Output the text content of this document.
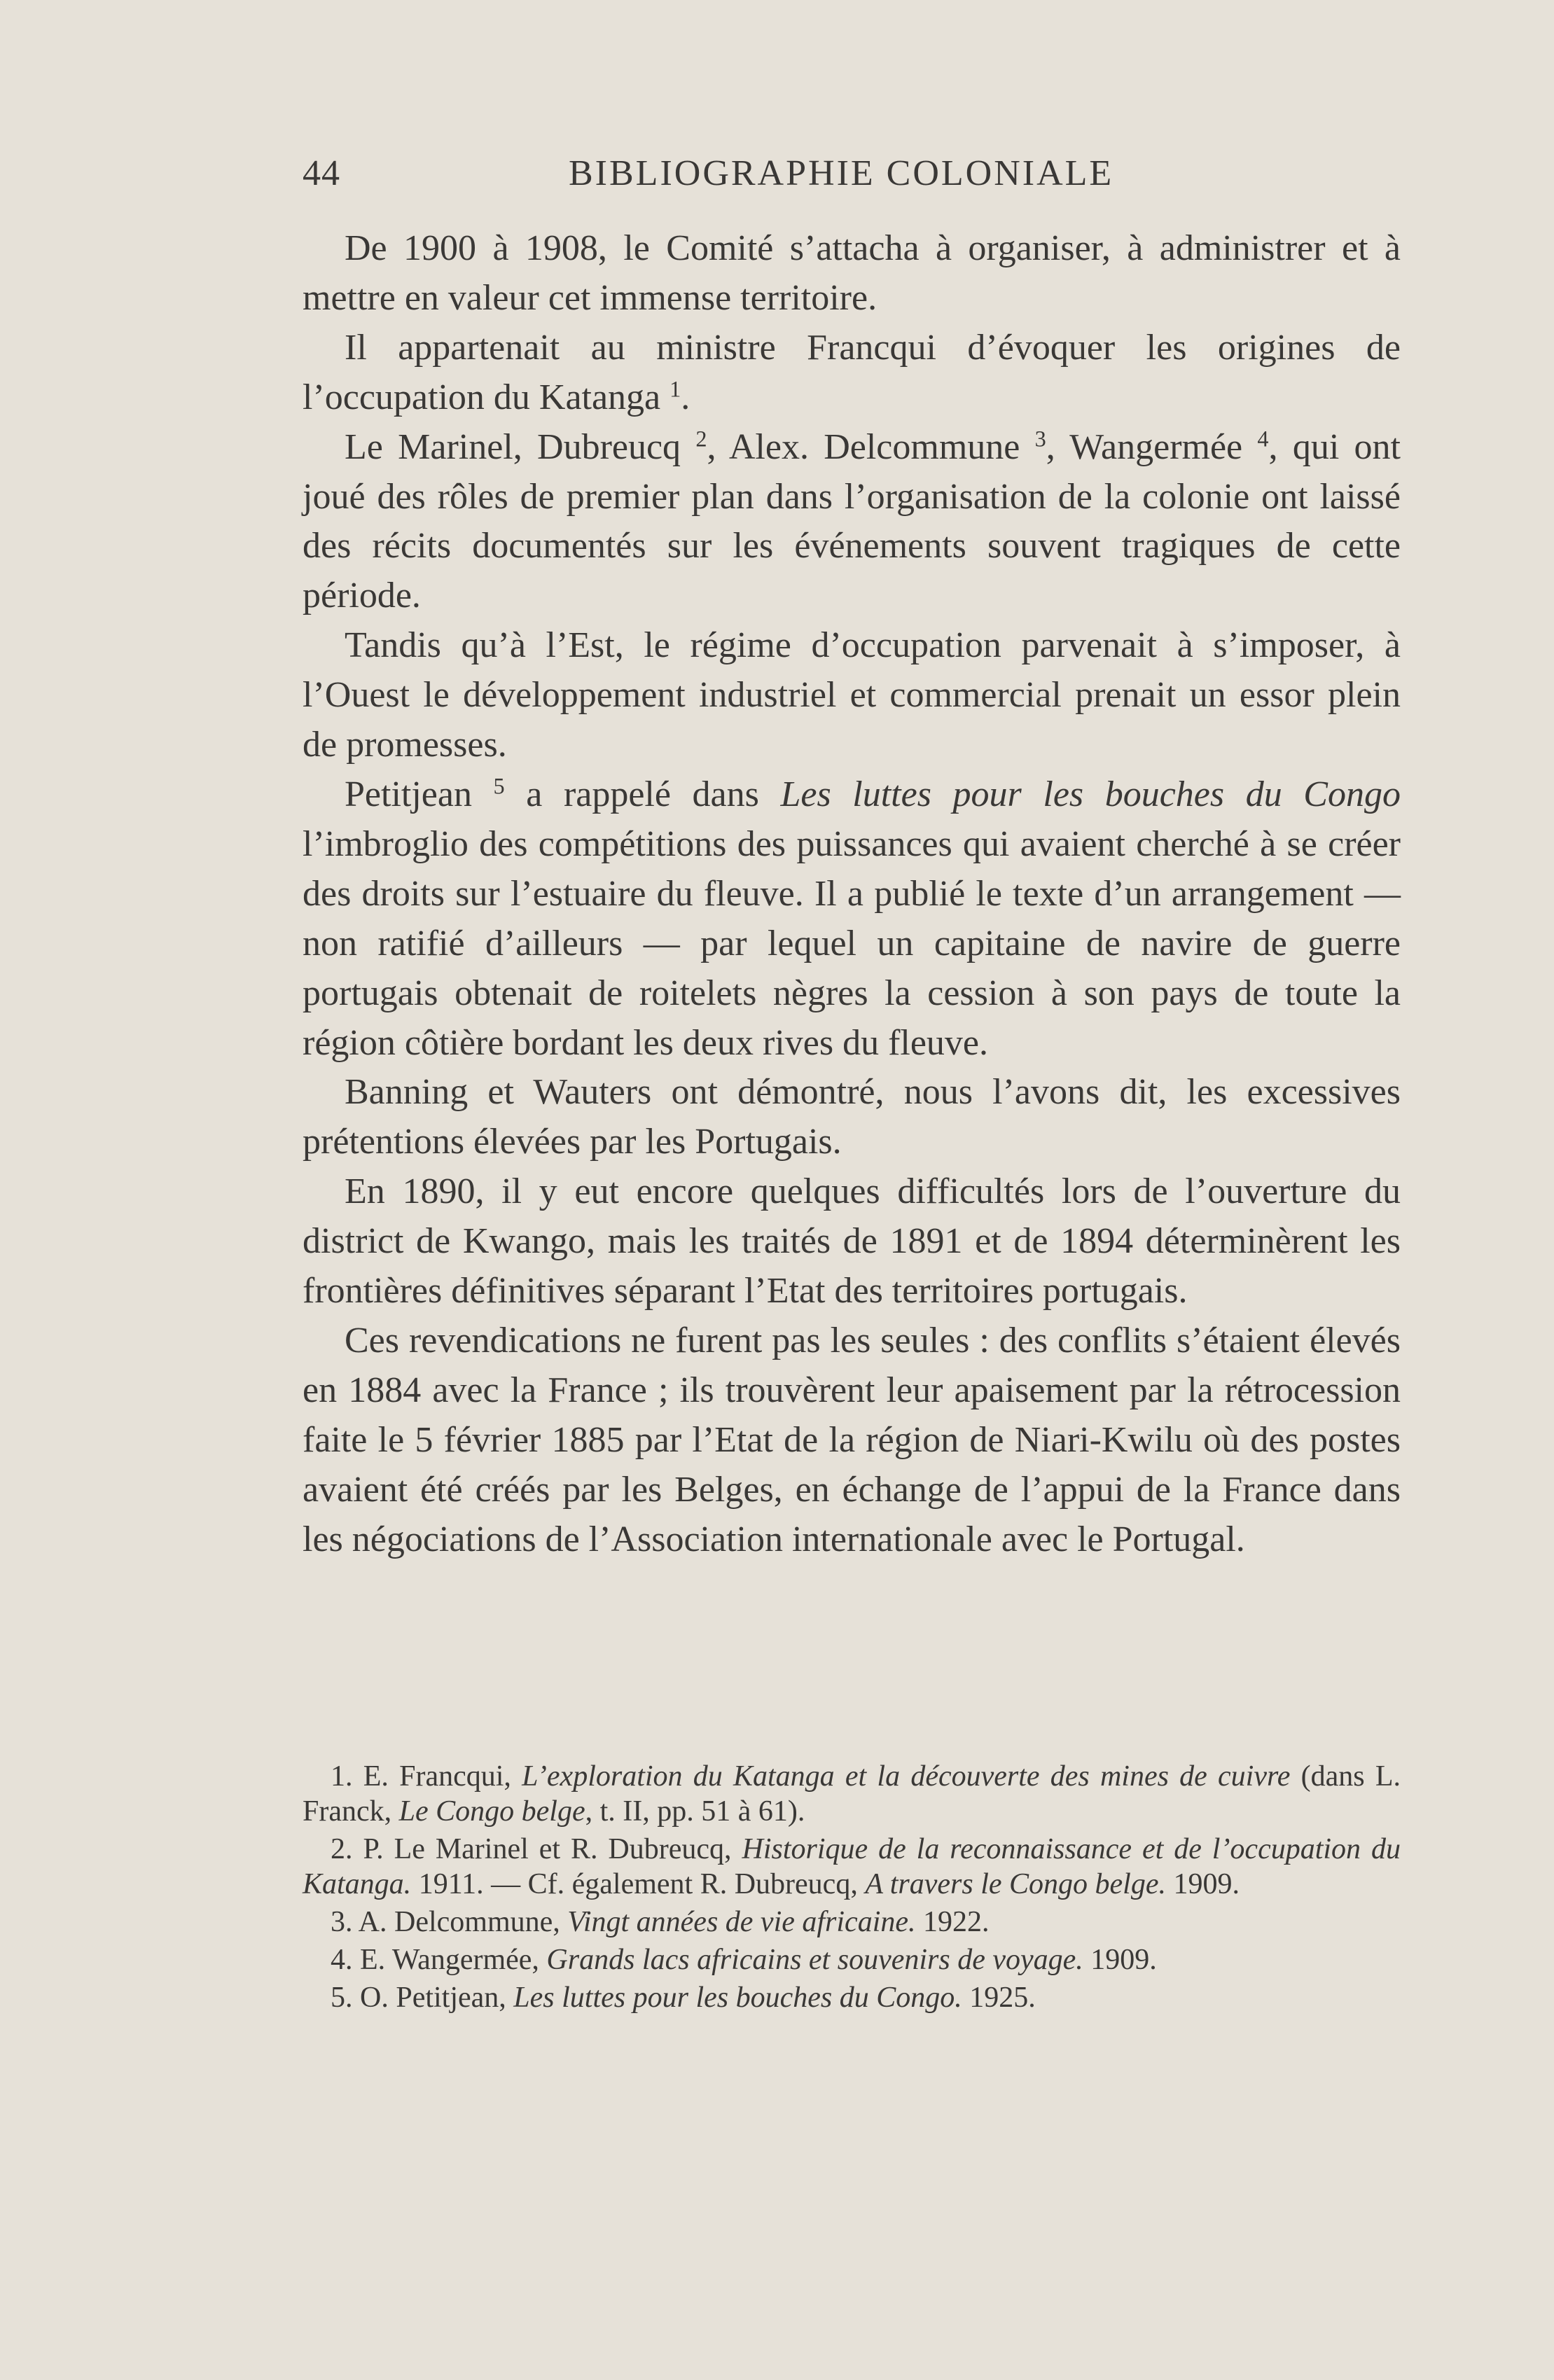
44	BIBLIOGRAPHIE COLONIALE

De 1900 à 1908, le Comité s’attacha à organiser, à administrer et à mettre en valeur cet immense territoire.

Il appartenait au ministre Francqui d’évoquer les origines de l’occupation du Katanga $^1$.

Le Marinel, Dubreucq $^2$, Alex. Delcommune $^3$, Wangermée $^4$, qui ont joué des rôles de premier plan dans l’organisation de la colonie ont laissé des récits documentés sur les événements souvent tragiques de cette période.

Tandis qu’à l’Est, le régime d’occupation parvenait à s’imposer, à l’Ouest le développement industriel et commercial prenait un essor plein de promesses.

Petitjean $^5$ a rappelé dans Les luttes pour les bouches du Congo l’imbroglio des compétitions des puissances qui avaient cherché à se créer des droits sur l’estuaire du fleuve. Il a publié le texte d’un arrangement — non ratifié d’ailleurs — par lequel un capitaine de navire de guerre portugais obtenait de roitelets nègres la cession à son pays de toute la région côtière bordant les deux rives du fleuve.

Banning et Wauters ont démontré, nous l’avons dit, les excessives prétentions élevées par les Portugais.

En 1890, il y eut encore quelques difficultés lors de l’ouverture du district de Kwango, mais les traités de 1891 et de 1894 déterminèrent les frontières définitives séparant l’Etat des territoires portugais.

Ces revendications ne furent pas les seules : des conflits s’étaient élevés en 1884 avec la France ; ils trouvèrent leur apaisement par la rétrocession faite le 5 février 1885 par l’Etat de la région de Niari-Kwilu où des postes avaient été créés par les Belges, en échange de l’appui de la France dans les négociations de l’Association internationale avec le Portugal.

1. E. Francqui, L’exploration du Katanga et la découverte des mines de cuivre (dans L. Franck, Le Congo belge, t. II, pp. 51 à 61).

2. P. Le Marinel et R. Dubreucq, Historique de la reconnaissance et de l’occupation du Katanga. 1911. — Cf. également R. Dubreucq, A travers le Congo belge. 1909.

3. A. Delcommune, Vingt années de vie africaine. 1922.

4. E. Wangermée, Grands lacs africains et souvenirs de voyage. 1909.

5. O. Petitjean, Les luttes pour les bouches du Congo. 1925.
